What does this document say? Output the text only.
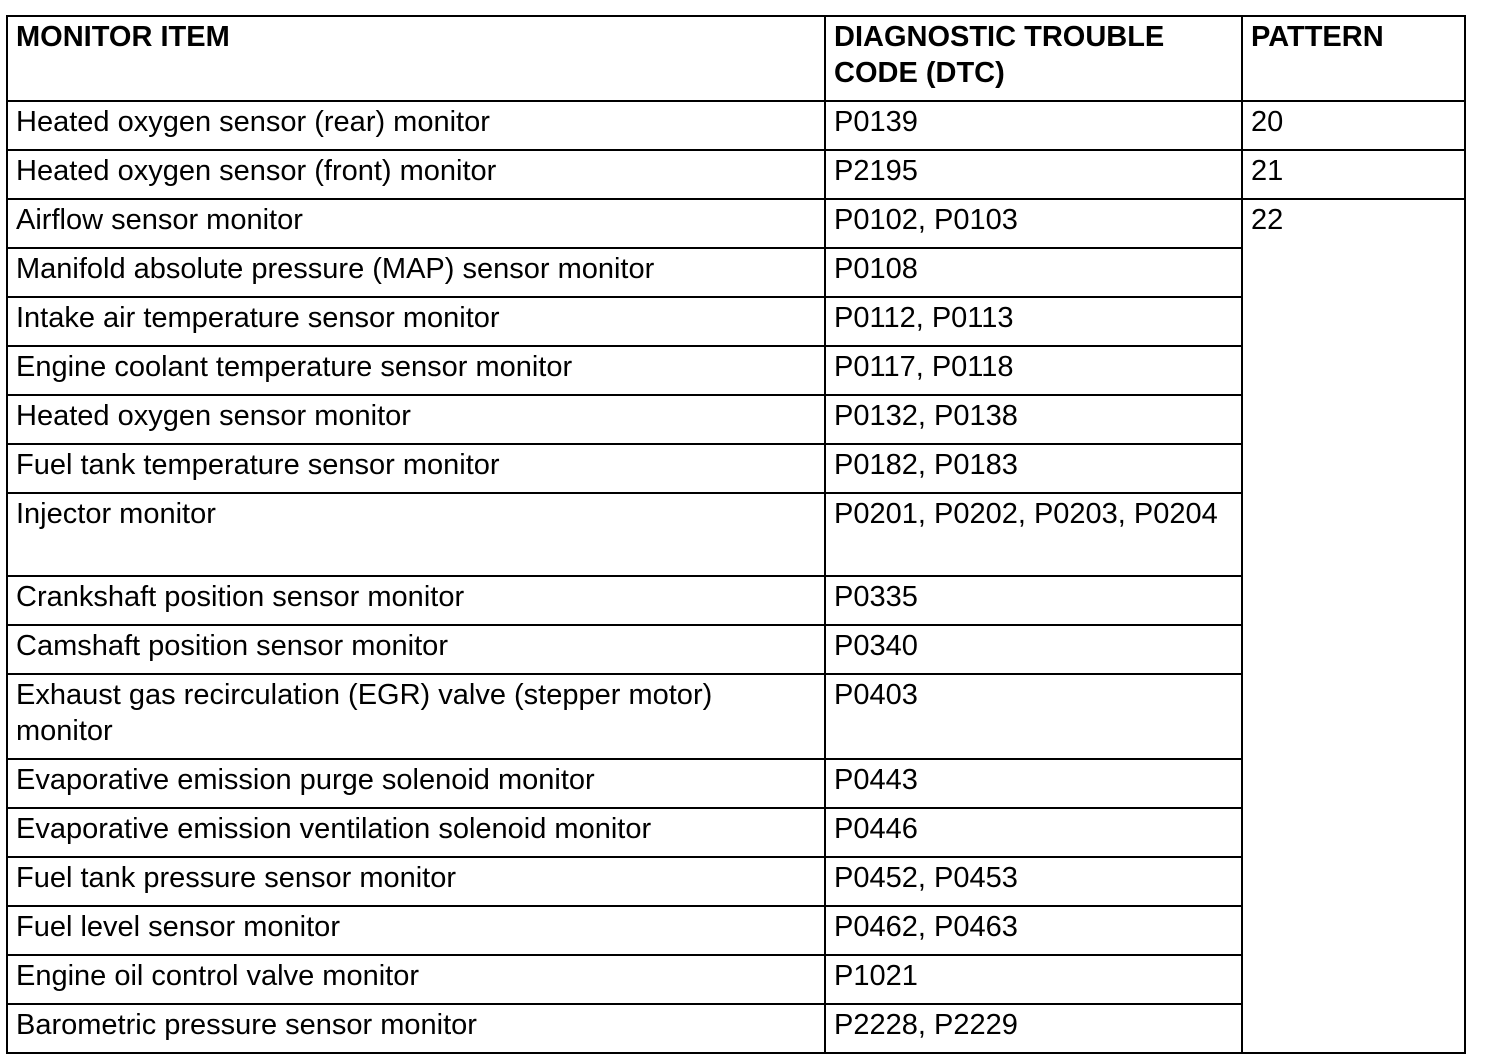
MONITOR ITEM	DIAGNOSTIC TROUBLE CODE (DTC)	PATTERN
Heated oxygen sensor (rear) monitor	P0139	20
Heated oxygen sensor (front) monitor	P2195	21
Airflow sensor monitor	P0102, P0103	22
Manifold absolute pressure (MAP) sensor monitor	P0108	
Intake air temperature sensor monitor	P0112, P0113	
Engine coolant temperature sensor monitor	P0117, P0118	
Heated oxygen sensor monitor	P0132, P0138	
Fuel tank temperature sensor monitor	P0182, P0183	
Injector monitor	P0201, P0202, P0203, P0204	
Crankshaft position sensor monitor	P0335	
Camshaft position sensor monitor	P0340	
Exhaust gas recirculation (EGR) valve (stepper motor) monitor	P0403	
Evaporative emission purge solenoid monitor	P0443	
Evaporative emission ventilation solenoid monitor	P0446	
Fuel tank pressure sensor monitor	P0452, P0453	
Fuel level sensor monitor	P0462, P0463	
Engine oil control valve monitor	P1021	
Barometric pressure sensor monitor	P2228, P2229	
